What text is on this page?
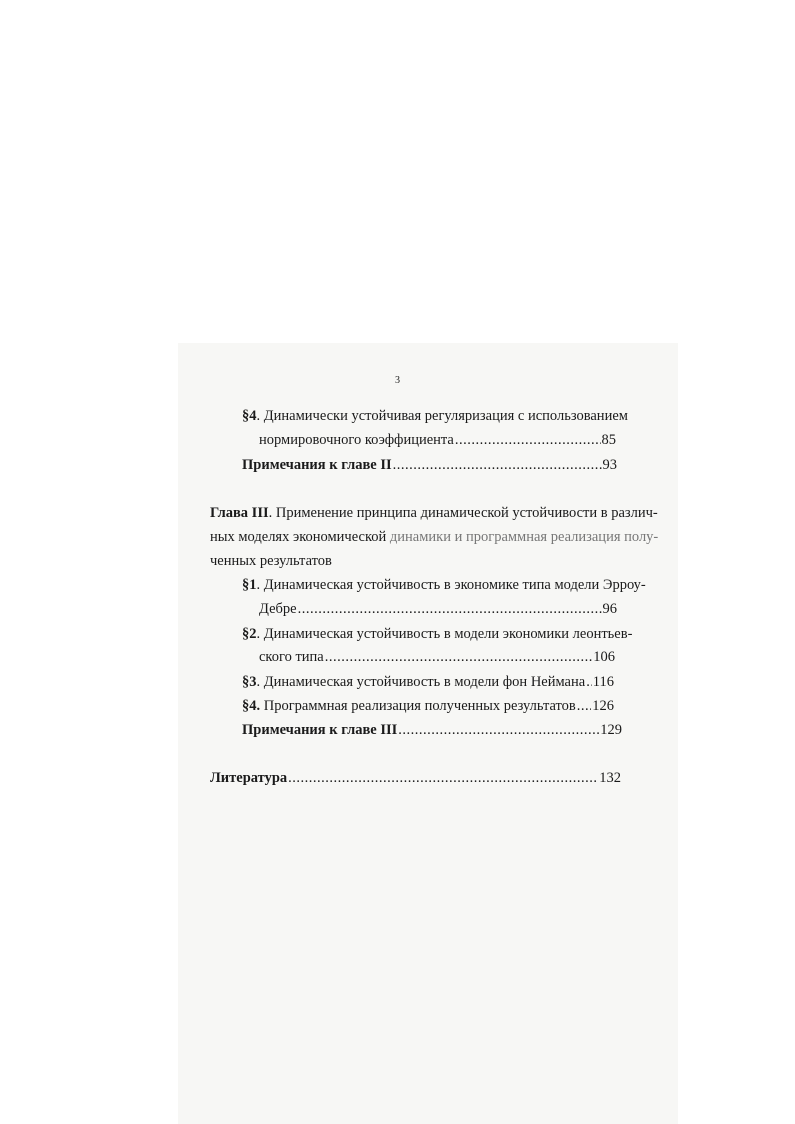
3
§4. Динамически устойчивая регуляризация с использованием
нормировочного коэффициента .....	85
Примечания к главе II .....	93
Глава III. Применение принципа динамической устойчивости в различ-
ных моделях экономической динамики и программная реализация полу-
ченных результатов
§1. Динамическая устойчивость в экономике типа модели Эрроу-
Дебре .....	96
§2. Динамическая устойчивость в модели экономики леонтьев-
ского типа .....	106
§3. Динамическая устойчивость в модели фон Неймана ..... 116
§4. Программная реализация полученных результатов ..... 126
Примечания к главе III .....	129
Литература .....	132
